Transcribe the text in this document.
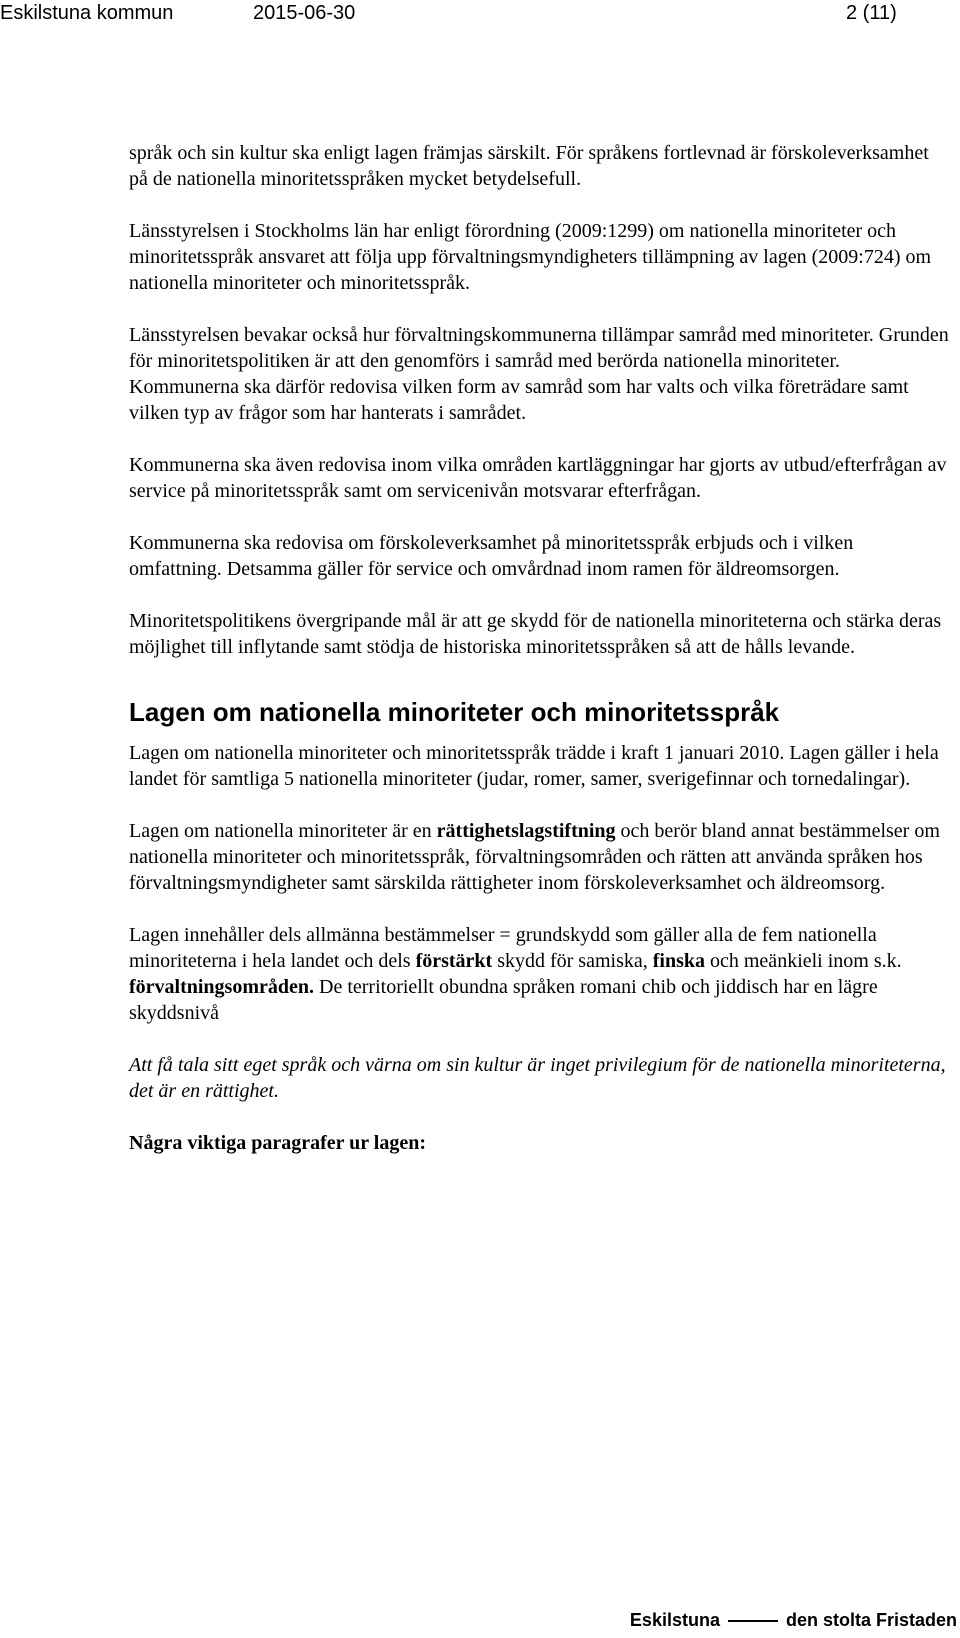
Eskilstuna kommun	2015-06-30	2 (11)

språk och sin kultur ska enligt lagen främjas särskilt. För språkens fortlevnad är förskoleverksamhet på de nationella minoritetsspråken mycket betydelsefull.

Länsstyrelsen i Stockholms län har enligt förordning (2009:1299) om nationella minoriteter och minoritetsspråk ansvaret att följa upp förvaltningsmyndigheters tillämpning av lagen (2009:724) om nationella minoriteter och minoritetsspråk.

Länsstyrelsen bevakar också hur förvaltningskommunerna tillämpar samråd med minoriteter. Grunden för minoritetspolitiken är att den genomförs i samråd med berörda nationella minoriteter. Kommunerna ska därför redovisa vilken form av samråd som har valts och vilka företrädare samt vilken typ av frågor som har hanterats i samrådet.

Kommunerna ska även redovisa inom vilka områden kartläggningar har gjorts av utbud/efterfrågan av service på minoritetsspråk samt om servicenivån motsvarar efterfrågan.

Kommunerna ska redovisa om förskoleverksamhet på minoritetsspråk erbjuds och i vilken omfattning. Detsamma gäller för service och omvårdnad inom ramen för äldreomsorgen.

Minoritetspolitikens övergripande mål är att ge skydd för de nationella minoriteterna och stärka deras möjlighet till inflytande samt stödja de historiska minoritetsspråken så att de hålls levande.

Lagen om nationella minoriteter och minoritetsspråk

Lagen om nationella minoriteter och minoritetsspråk trädde i kraft 1 januari 2010. Lagen gäller i hela landet för samtliga 5 nationella minoriteter (judar, romer, samer, sverigefinnar och tornedalingar).

Lagen om nationella minoriteter är en rättighetslagstiftning och berör bland annat bestämmelser om nationella minoriteter och minoritetsspråk, förvaltningsområden och rätten att använda språken hos förvaltningsmyndigheter samt särskilda rättigheter inom förskoleverksamhet och äldreomsorg.

Lagen innehåller dels allmänna bestämmelser = grundskydd som gäller alla de fem nationella minoriteterna i hela landet och dels förstärkt skydd för samiska, finska och meänkieli inom s.k. förvaltningsområden. De territoriellt obundna språken romani chib och jiddisch har en lägre skyddsnivå

Att få tala sitt eget språk och värna om sin kultur är inget privilegium för de nationella minoriteterna, det är en rättighet.

Några viktiga paragrafer ur lagen:

Eskilstuna	den stolta Fristaden
